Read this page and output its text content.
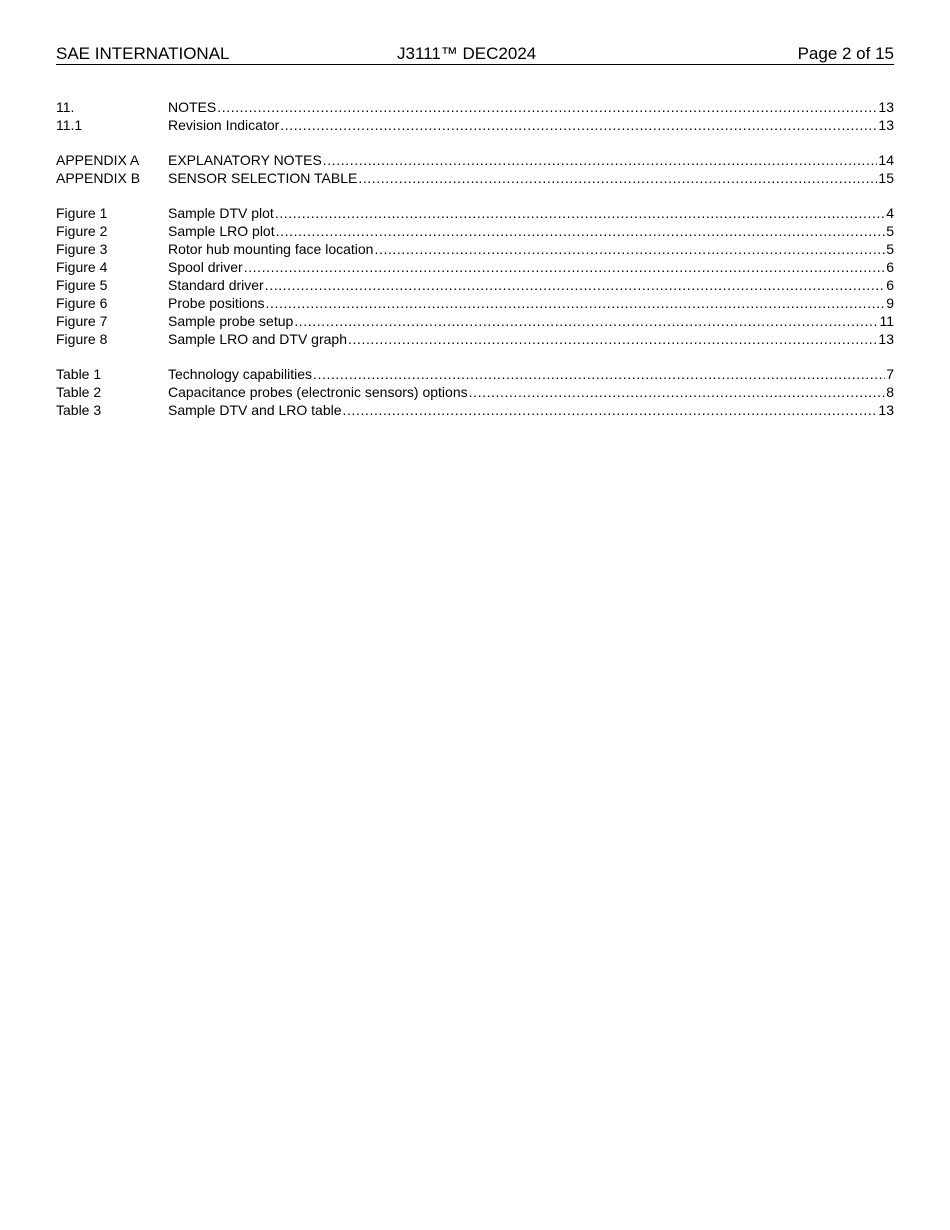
SAE INTERNATIONAL	J3111™ DEC2024	Page 2 of 15
11.	NOTES .....	13
11.1	Revision Indicator .....	13
APPENDIX A	EXPLANATORY NOTES .....	14
APPENDIX B	SENSOR SELECTION TABLE .....	15
Figure 1	Sample DTV plot .....	4
Figure 2	Sample LRO plot .....	5
Figure 3	Rotor hub mounting face location .....	5
Figure 4	Spool driver .....	6
Figure 5	Standard driver .....	6
Figure 6	Probe positions .....	9
Figure 7	Sample probe setup .....	11
Figure 8	Sample LRO and DTV graph .....	13
Table 1	Technology capabilities .....	7
Table 2	Capacitance probes (electronic sensors) options .....	8
Table 3	Sample DTV and LRO table .....	13
